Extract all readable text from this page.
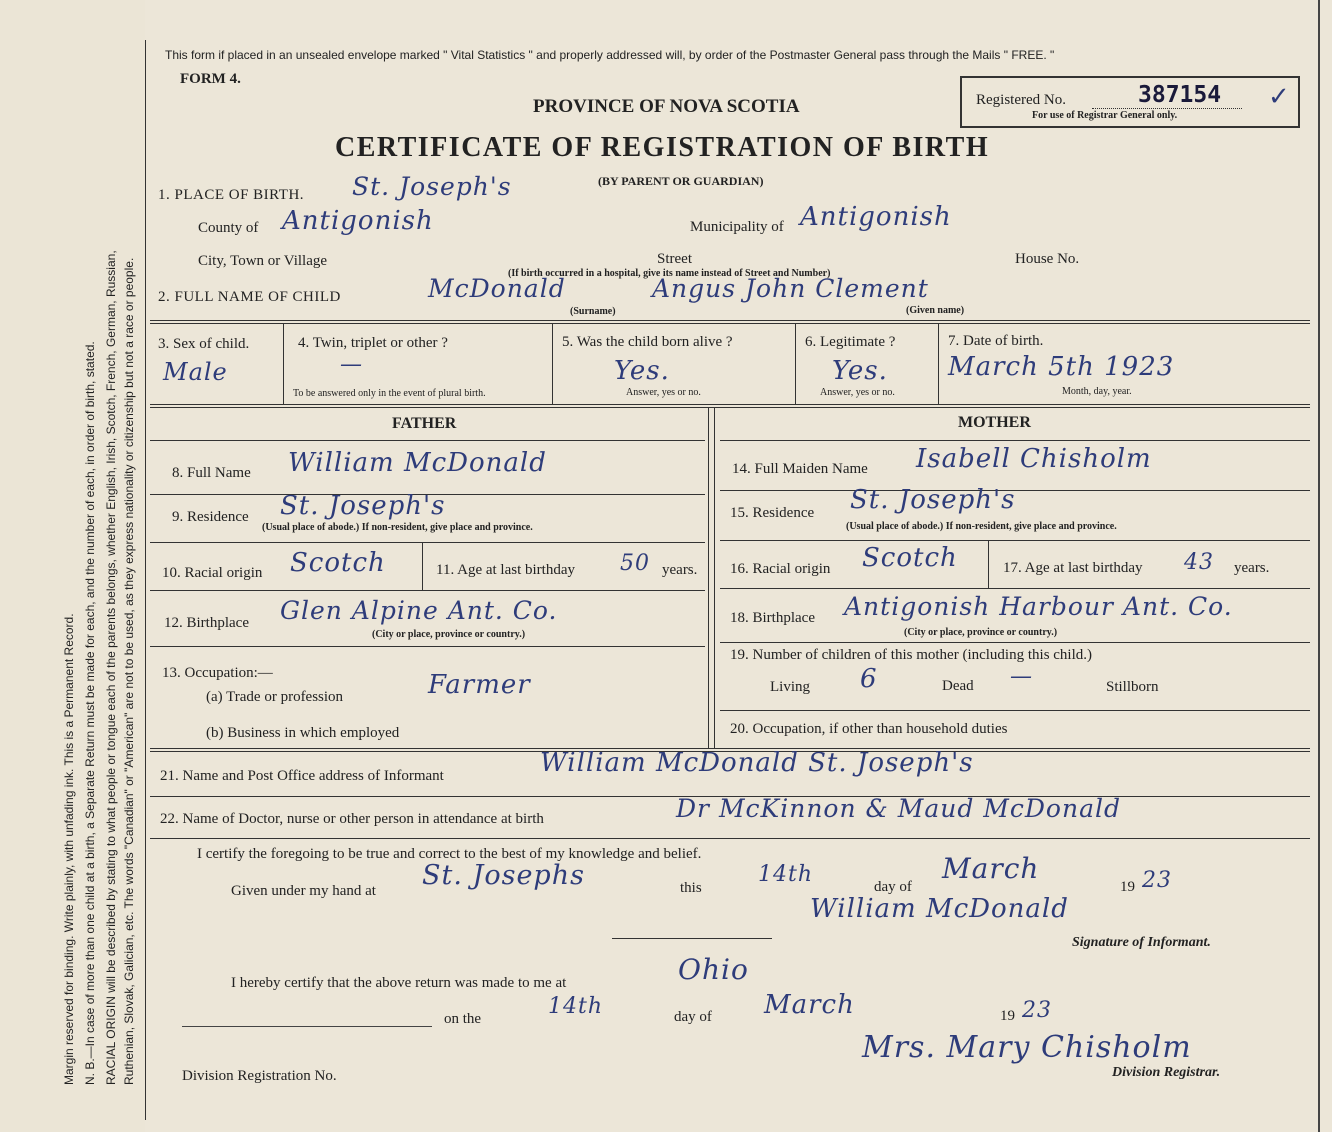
Margin reserved for binding. Write plainly, with unfading ink. This is a Permanent Record. N. B.—In case of more than one child at a birth, a Separate Return must be made for each, and the number of each, in order of birth, stated. RACIAL ORIGIN will be described by stating to what people or tongue each of the parents belongs, whether English, Irish, Scotch, French, German, Russian, Ruthenian, Slovak, Galician, etc. The words "Canadian" or "American" are not to be used, as they express nationality or citizenship but not a race or people.
This form if placed in an unsealed envelope marked " Vital Statistics " and properly addressed will, by order of the Postmaster General pass through the Mails " FREE. "
FORM 4.
PROVINCE OF NOVA SCOTIA
CERTIFICATE OF REGISTRATION OF BIRTH
(BY PARENT OR GUARDIAN)
Registered No.	387154
For use of Registrar General only.
✓
1. PLACE OF BIRTH. St. Joseph's
County of Antigonish	Municipality of Antigonish
City, Town or Village	Street	House No.
(If birth occurred in a hospital, give its name instead of Street and Number)
2. FULL NAME OF CHILD	McDonald	Angus John Clement
(Surname)	(Given name)
3. Sex of child.
Male
4. Twin, triplet or other ?
—
To be answered only in the event of plural birth.
5. Was the child born alive ?
Yes.
Answer, yes or no.
6. Legitimate ?
Yes.
Answer, yes or no.
7. Date of birth.
March 5th 1923
Month, day, year.
FATHER	MOTHER
8. Full Name William McDonald
9. Residence St. Joseph's
(Usual place of abode.) If non-resident, give place and province.
10. Racial origin Scotch	11. Age at last birthday 50 years.
12. Birthplace Glen Alpine Ant. Co.
(City or place, province or country.)
13. Occupation:—
(a) Trade or profession	Farmer
(b) Business in which employed
14. Full Maiden Name Isabell Chisholm
15. Residence St. Joseph's
(Usual place of abode.) If non-resident, give place and province.
16. Racial origin Scotch	17. Age at last birthday 43 years.
18. Birthplace Antigonish Harbour Ant. Co.
(City or place, province or country.)
19. Number of children of this mother (including this child.)
Living 6	Dead —	Stillborn
20. Occupation, if other than household duties
21. Name and Post Office address of Informant	William McDonald St. Joseph's
22. Name of Doctor, nurse or other person in attendance at birth	Dr McKinnon & Maud McDonald
I certify the foregoing to be true and correct to the best of my knowledge and belief.
Given under my hand at St. Josephs	this
14th	day of
March
19 23
William McDonald
Signature of Informant.
I hereby certify that the above return was made to me at	Ohio
on the	14th	day of March	19 23
Mrs. Mary Chisholm
Division Registrar.
Division Registration No.
